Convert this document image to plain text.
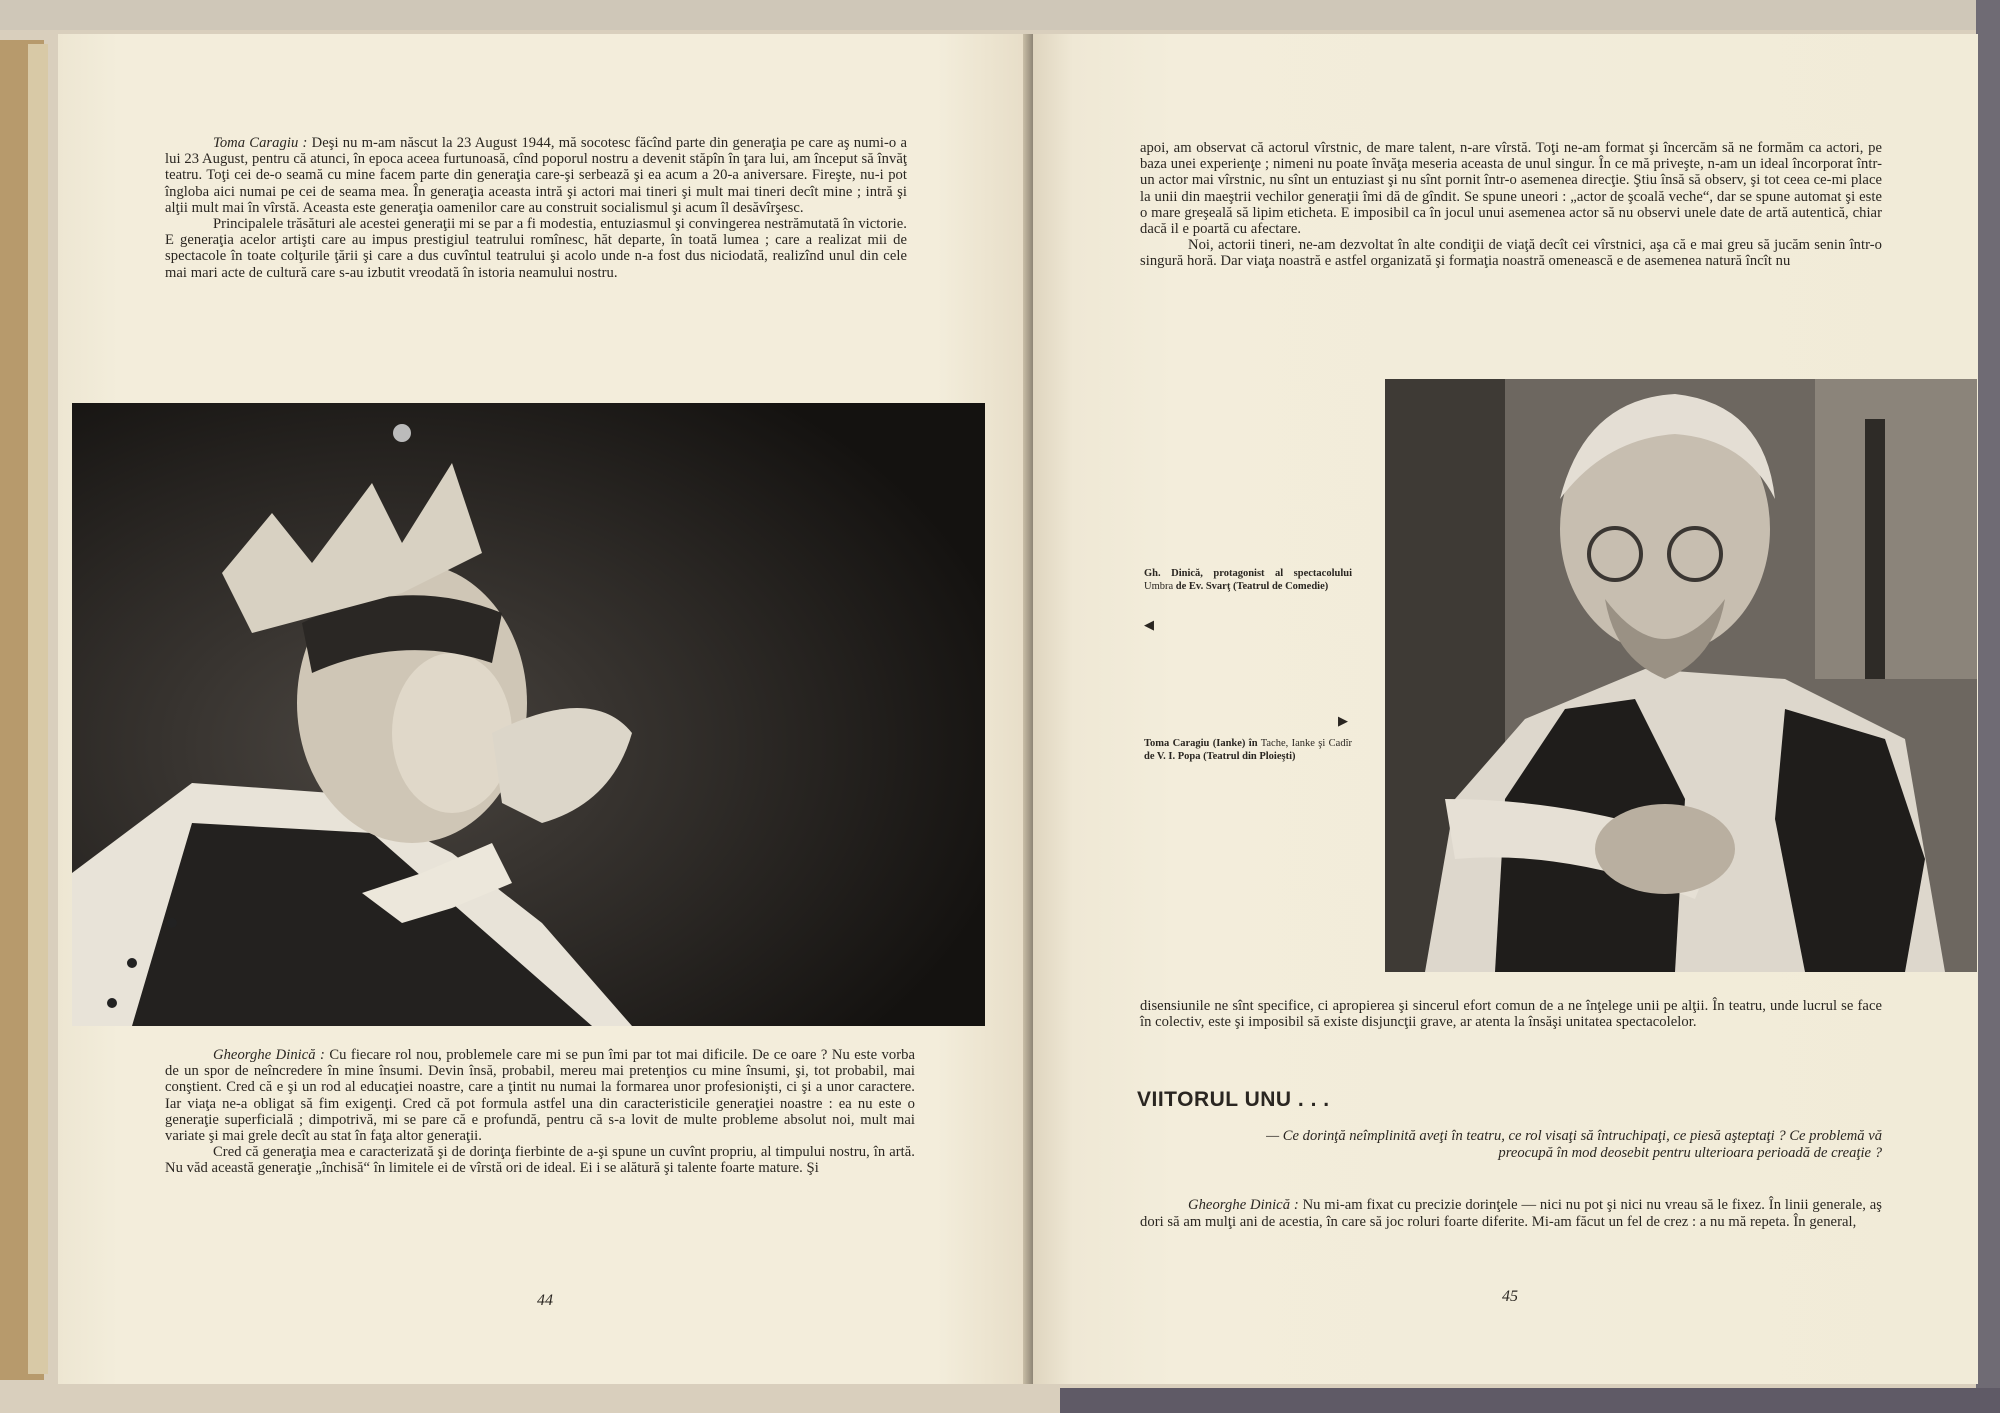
Toma Caragiu : Deşi nu m-am născut la 23 August 1944, mă socotesc făcînd parte din generaţia pe care aş numi-o a lui 23 August, pentru că atunci, în epoca aceea furtunoasă, cînd poporul nostru a devenit stăpîn în ţara lui, am început să învăţ teatru. Toţi cei de-o seamă cu mine facem parte din generaţia care-şi serbează şi ea acum a 20-a aniversare. Fireşte, nu-i pot îngloba aici numai pe cei de seama mea. În generaţia aceasta intră şi actori mai tineri şi mult mai tineri decît mine ; intră şi alţii mult mai în vîrstă. Aceasta este generaţia oamenilor care au construit socialismul şi acum îl desăvîrşesc.

Principalele trăsături ale acestei generaţii mi se par a fi modestia, entuziasmul şi convingerea nestrămutată în victorie. E generaţia acelor artişti care au impus prestigiul teatrului romînesc, hăt departe, în toată lumea ; care a realizat mii de spectacole în toate colţurile ţării şi care a dus cuvîntul teatrului şi acolo unde n-a fost dus niciodată, realizînd unul din cele mai mari acte de cultură care s-au izbutit vreodată în istoria neamului nostru.

Gheorghe Dinică : Cu fiecare rol nou, problemele care mi se pun îmi par tot mai dificile. De ce oare ? Nu este vorba de un spor de neîncredere în mine însumi. Devin însă, probabil, mereu mai pretenţios cu mine însumi, şi, tot probabil, mai conştient. Cred că e şi un rod al educaţiei noastre, care a ţintit nu numai la formarea unor profesionişti, ci şi a unor caractere. Iar viaţa ne-a obligat să fim exigenţi. Cred că pot formula astfel una din caracteristicile generaţiei noastre : ea nu este o generaţie superficială ; dimpotrivă, mi se pare că e profundă, pentru că s-a lovit de multe probleme absolut noi, mult mai variate şi mai grele decît au stat în faţa altor generaţii.

Cred că generaţia mea e caracterizată şi de dorinţa fierbinte de a-şi spune un cuvînt propriu, al timpului nostru, în artă. Nu văd această generaţie „închisă“ în limitele ei de vîrstă ori de ideal. Ei i se alătură şi talente foarte mature. Şi

44

apoi, am observat că actorul vîrstnic, de mare talent, n-are vîrstă. Toţi ne-am format şi încercăm să ne formăm ca actori, pe baza unei experienţe ; nimeni nu poate învăţa meseria aceasta de unul singur. În ce mă priveşte, n-am un ideal încorporat într-un actor mai vîrstnic, nu sînt un entuziast şi nu sînt pornit într-o asemenea direcţie. Ştiu însă să observ, şi tot ceea ce-mi place la unii din maeştrii vechilor generaţii îmi dă de gîndit. Se spune uneori : „actor de şcoală veche“, dar se spune automat şi este o mare greşeală să lipim eticheta. E imposibil ca în jocul unui asemenea actor să nu observi unele date de artă autentică, chiar dacă il e poartă cu afectare.

Noi, actorii tineri, ne-am dezvoltat în alte condiţii de viaţă decît cei vîrstnici, aşa că e mai greu să jucăm senin într-o singură horă. Dar viaţa noastră e astfel organizată şi formaţia noastră omenească e de asemenea natură încît nu

Gh. Dinică, protagonist al spectacolului Umbra de Ev. Svarţ (Teatrul de Comedie)
◀
▶
Toma Caragiu (Ianke) în Tache, Ianke şi Cadîr de V. I. Popa (Teatrul din Ploieşti)

disensiunile ne sînt specifice, ci apropierea şi sincerul efort comun de a ne înţelege unii pe alţii. În teatru, unde lucrul se face în colectiv, este şi imposibil să existe disjuncţii grave, ar atenta la însăşi unitatea spectacolelor.

VIITORUL UNU . . .
— Ce dorinţă neîmplinită aveţi în teatru, ce rol visaţi să întruchipaţi, ce piesă aşteptaţi ? Ce problemă vă preocupă în mod deosebit pentru ulterioara perioadă de creaţie ?

Gheorghe Dinică : Nu mi-am fixat cu precizie dorinţele — nici nu pot şi nici nu vreau să le fixez. În linii generale, aş dori să am mulţi ani de acestia, în care să joc roluri foarte diferite. Mi-am făcut un fel de crez : a nu mă repeta. În general,

45
